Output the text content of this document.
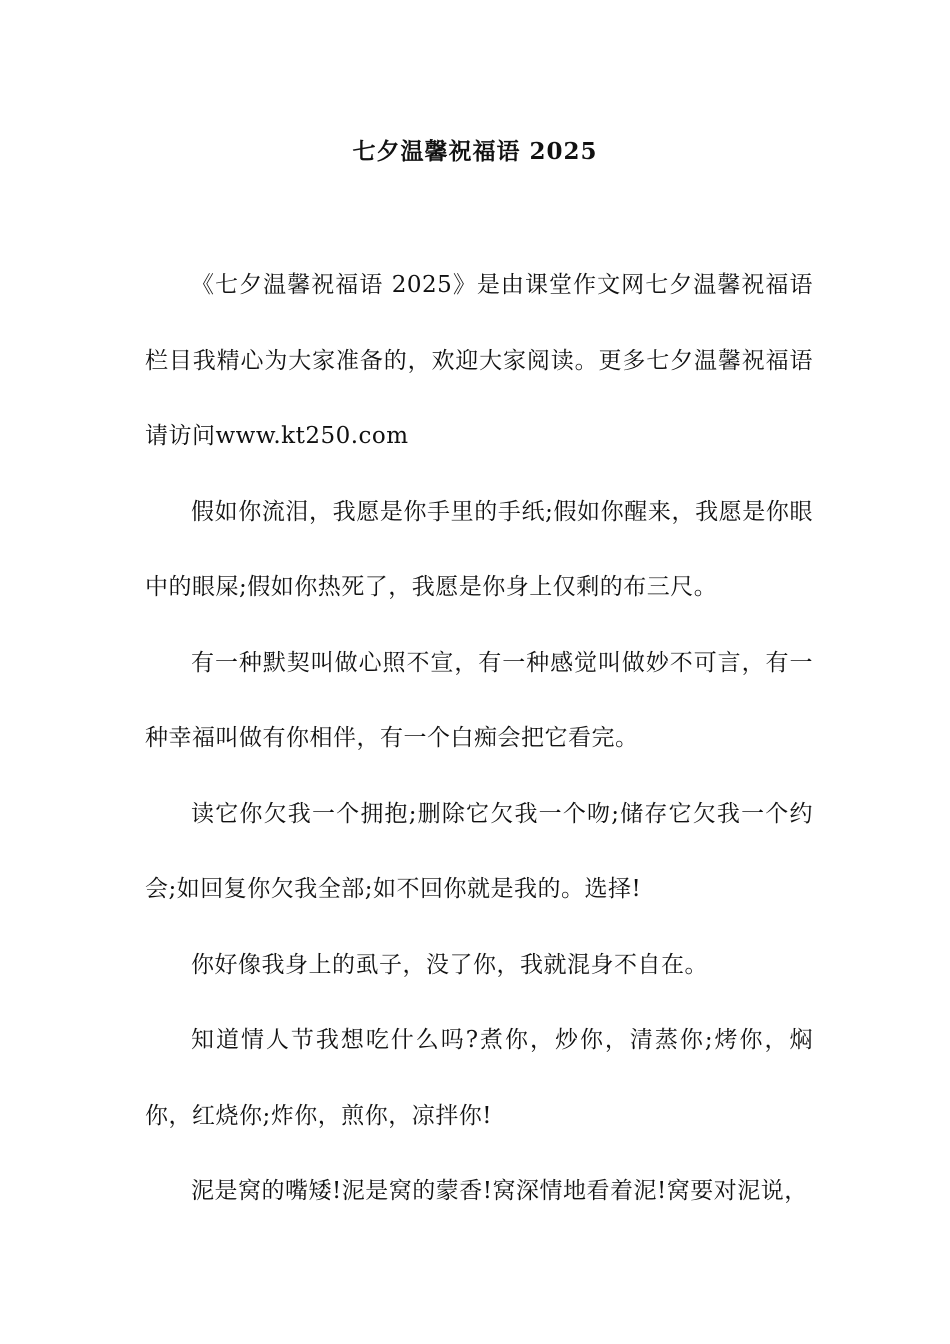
七夕温馨祝福语 2025

《七夕温馨祝福语 2025》是由课堂作文网七夕温馨祝福语栏目我精心为大家准备的，欢迎大家阅读。更多七夕温馨祝福语请访问www.kt250.com

假如你流泪，我愿是你手里的手纸;假如你醒来，我愿是你眼中的眼屎;假如你热死了，我愿是你身上仅剩的布三尺。

有一种默契叫做心照不宣，有一种感觉叫做妙不可言，有一种幸福叫做有你相伴，有一个白痴会把它看完。

读它你欠我一个拥抱;删除它欠我一个吻;储存它欠我一个约会;如回复你欠我全部;如不回你就是我的。选择!

你好像我身上的虱子，没了你，我就混身不自在。

知道情人节我想吃什么吗?煮你，炒你，清蒸你;烤你，焖你，红烧你;炸你，煎你，凉拌你!

泥是窝的嘴矮!泥是窝的蒙香!窝深情地看着泥!窝要对泥说，
